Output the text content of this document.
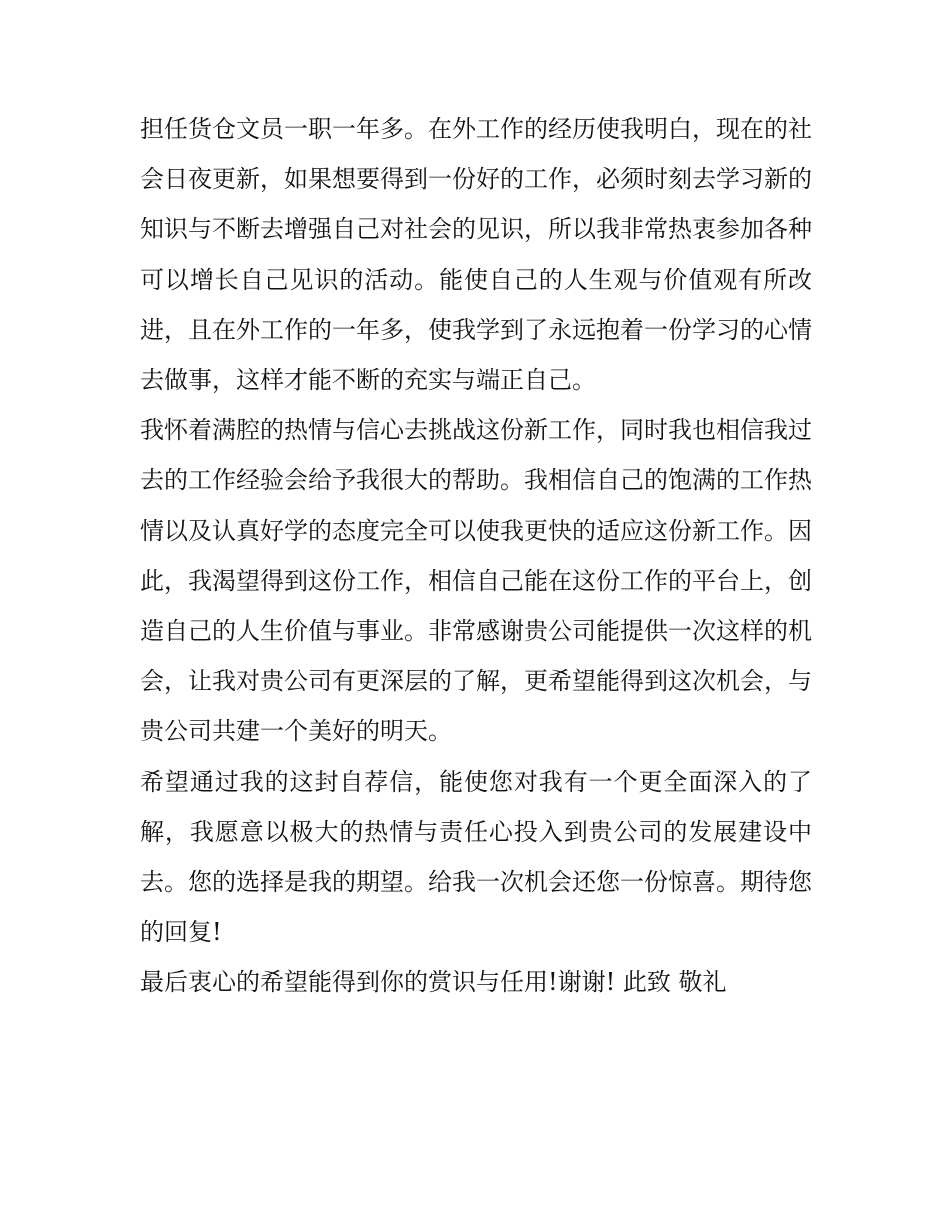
担任货仓文员一职一年多。在外工作的经历使我明白，现在的社会日夜更新，如果想要得到一份好的工作，必须时刻去学习新的知识与不断去增强自己对社会的见识，所以我非常热衷参加各种可以增长自己见识的活动。能使自己的人生观与价值观有所改进，且在外工作的一年多，使我学到了永远抱着一份学习的心情去做事，这样才能不断的充实与端正自己。

我怀着满腔的热情与信心去挑战这份新工作，同时我也相信我过去的工作经验会给予我很大的帮助。我相信自己的饱满的工作热情以及认真好学的态度完全可以使我更快的适应这份新工作。因此，我渴望得到这份工作，相信自己能在这份工作的平台上，创造自己的人生价值与事业。非常感谢贵公司能提供一次这样的机会，让我对贵公司有更深层的了解，更希望能得到这次机会，与贵公司共建一个美好的明天。

希望通过我的这封自荐信，能使您对我有一个更全面深入的了解，我愿意以极大的热情与责任心投入到贵公司的发展建设中去。您的选择是我的期望。给我一次机会还您一份惊喜。期待您的回复!

最后衷心的希望能得到你的赏识与任用!谢谢! 此致 敬礼
